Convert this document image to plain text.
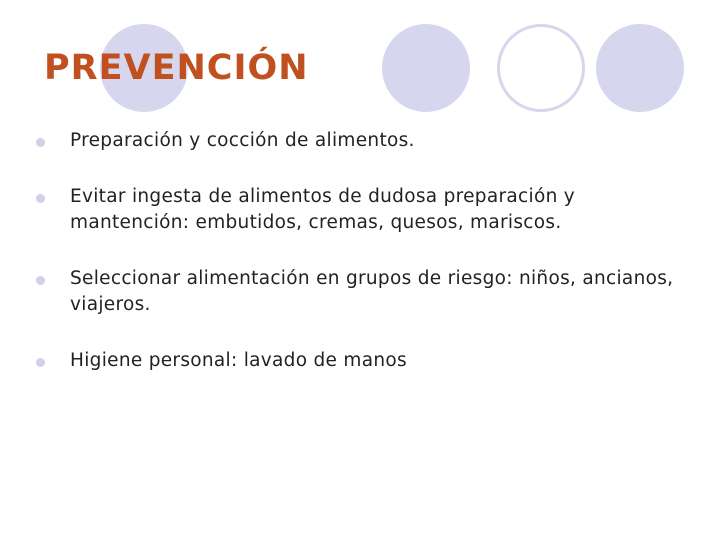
PREVENCIÓN
Preparación y cocción de alimentos.
Evitar ingesta de alimentos de dudosa preparación y mantención: embutidos, cremas, quesos, mariscos.
Seleccionar alimentación en grupos de riesgo: niños, ancianos, viajeros.
Higiene personal: lavado de manos
